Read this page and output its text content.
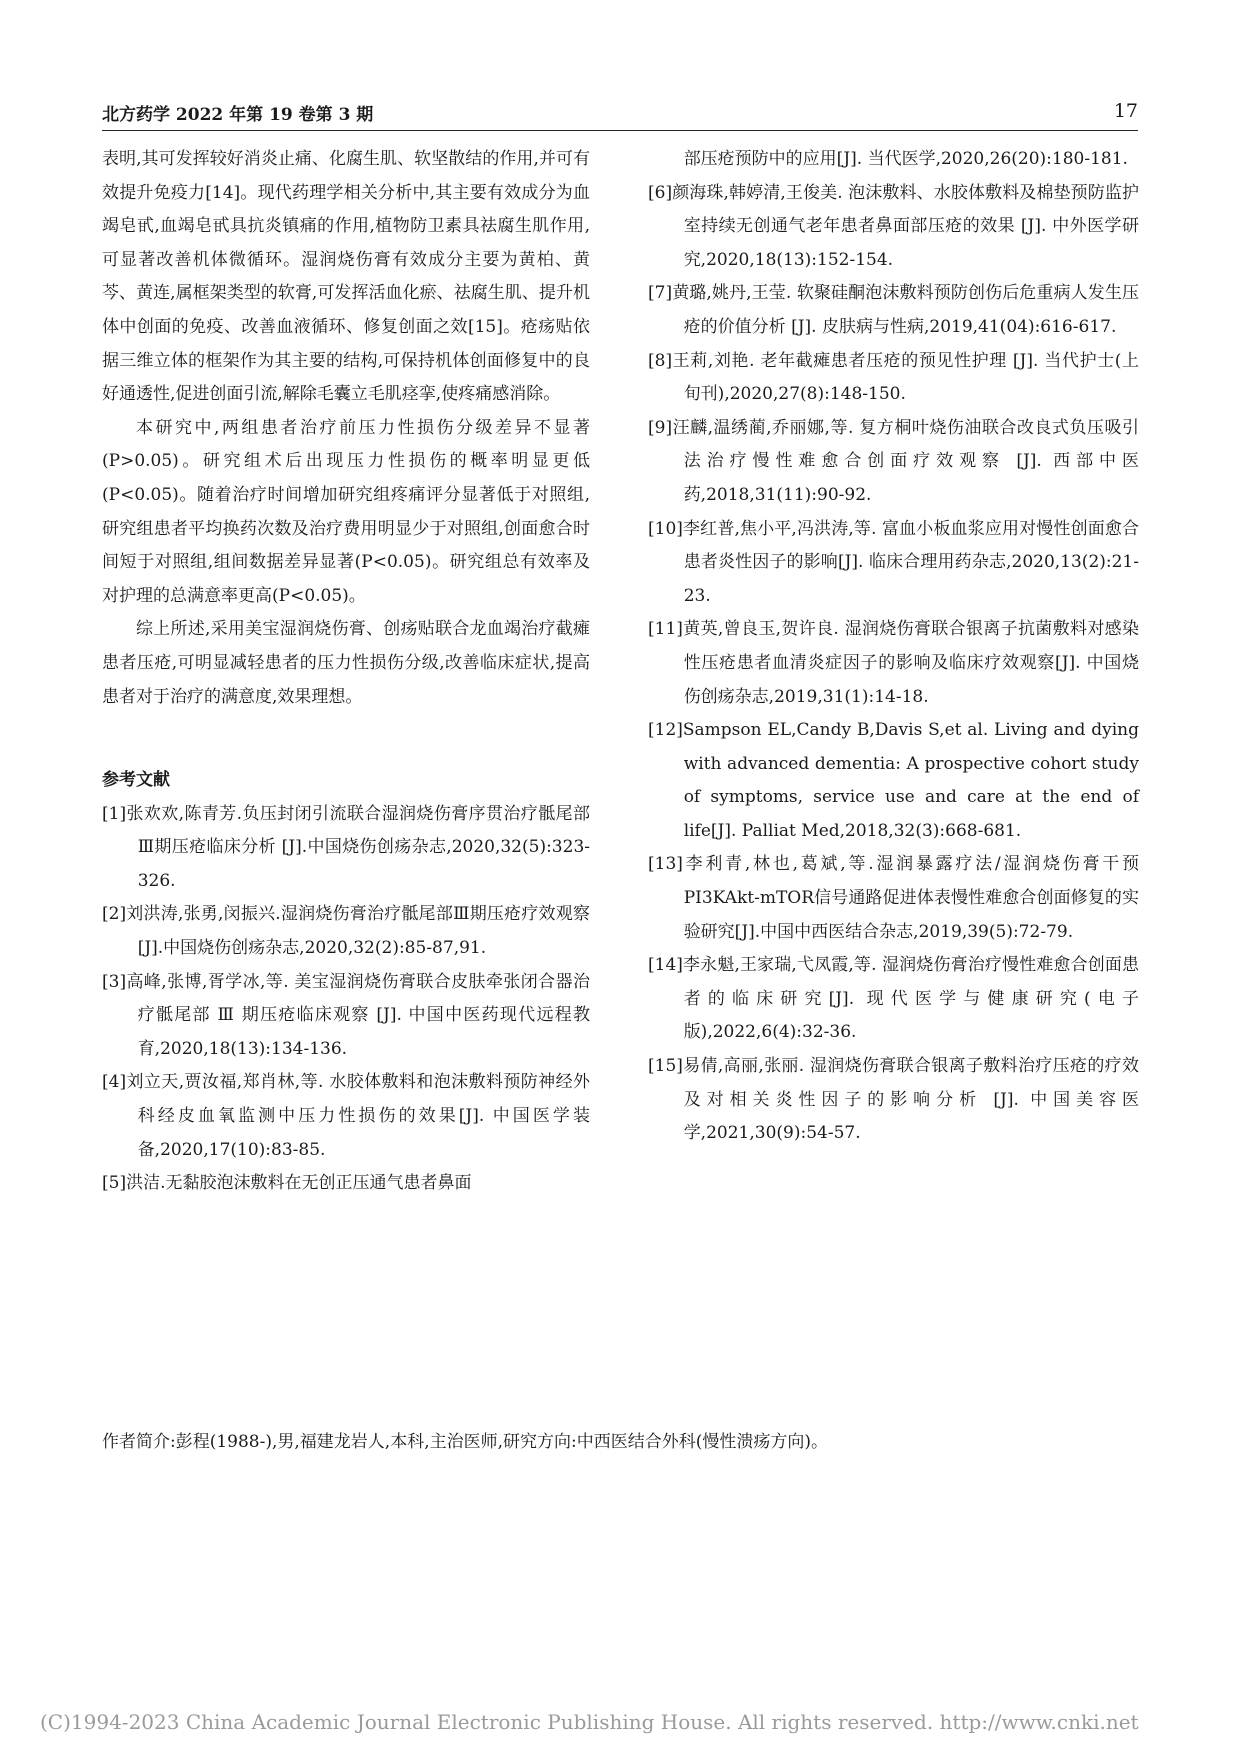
北方药学 2022 年第 19 卷第 3 期	17

表明,其可发挥较好消炎止痛、化腐生肌、软坚散结的作用,并可有效提升免疫力[14]。现代药理学相关分析中,其主要有效成分为血竭皂甙,血竭皂甙具抗炎镇痛的作用,植物防卫素具祛腐生肌作用,可显著改善机体微循环。湿润烧伤膏有效成分主要为黄柏、黄芩、黄连,属框架类型的软膏,可发挥活血化瘀、祛腐生肌、提升机体中创面的免疫、改善血液循环、修复创面之效[15]。疮疡贴依据三维立体的框架作为其主要的结构,可保持机体创面修复中的良好通透性,促进创面引流,解除毛囊立毛肌痉挛,使疼痛感消除。

本研究中,两组患者治疗前压力性损伤分级差异不显著(P>0.05)。研究组术后出现压力性损伤的概率明显更低(P<0.05)。随着治疗时间增加研究组疼痛评分显著低于对照组,研究组患者平均换药次数及治疗费用明显少于对照组,创面愈合时间短于对照组,组间数据差异显著(P<0.05)。研究组总有效率及对护理的总满意率更高(P<0.05)。

综上所述,采用美宝湿润烧伤膏、创疡贴联合龙血竭治疗截瘫患者压疮,可明显减轻患者的压力性损伤分级,改善临床症状,提高患者对于治疗的满意度,效果理想。

参考文献

[1]张欢欢,陈青芳.负压封闭引流联合湿润烧伤膏序贯治疗骶尾部Ⅲ期压疮临床分析 [J].中国烧伤创疡杂志,2020,32(5):323-326.

[2]刘洪涛,张勇,闵振兴.湿润烧伤膏治疗骶尾部Ⅲ期压疮疗效观察 [J].中国烧伤创疡杂志,2020,32(2):85-87,91.

[3]高峰,张博,胥学冰,等. 美宝湿润烧伤膏联合皮肤牵张闭合器治疗骶尾部 Ⅲ 期压疮临床观察 [J]. 中国中医药现代远程教育,2020,18(13):134-136.

[4]刘立天,贾汝福,郑肖林,等. 水胶体敷料和泡沫敷料预防神经外科经皮血氧监测中压力性损伤的效果[J]. 中国医学装备,2020,17(10):83-85.

[5]洪洁.无黏胶泡沫敷料在无创正压通气患者鼻面

部压疮预防中的应用[J]. 当代医学,2020,26(20):180-181.

[6]颜海珠,韩婷清,王俊美. 泡沫敷料、水胶体敷料及棉垫预防监护室持续无创通气老年患者鼻面部压疮的效果 [J]. 中外医学研究,2020,18(13):152-154.

[7]黄璐,姚丹,王莹. 软聚硅酮泡沫敷料预防创伤后危重病人发生压疮的价值分析 [J]. 皮肤病与性病,2019,41(04):616-617.

[8]王莉,刘艳. 老年截瘫患者压疮的预见性护理 [J]. 当代护士(上旬刊),2020,27(8):148-150.

[9]汪麟,温绣蔺,乔丽娜,等. 复方桐叶烧伤油联合改良式负压吸引法治疗慢性难愈合创面疗效观察 [J]. 西部中医药,2018,31(11):90-92.

[10]李红普,焦小平,冯洪涛,等. 富血小板血浆应用对慢性创面愈合患者炎性因子的影响[J]. 临床合理用药杂志,2020,13(2):21-23.

[11]黄英,曾良玉,贺许良. 湿润烧伤膏联合银离子抗菌敷料对感染性压疮患者血清炎症因子的影响及临床疗效观察[J]. 中国烧伤创疡杂志,2019,31(1):14-18.

[12]Sampson EL,Candy B,Davis S,et al. Living and dying with advanced dementia: A prospective cohort study of symptoms, service use and care at the end of life[J]. Palliat Med,2018,32(3):668-681.

[13]李利青,林也,葛斌,等.湿润暴露疗法/湿润烧伤膏干预PI3KAkt-mTOR信号通路促进体表慢性难愈合创面修复的实验研究[J].中国中西医结合杂志,2019,39(5):72-79.

[14]李永魁,王家瑞,弋凤霞,等. 湿润烧伤膏治疗慢性难愈合创面患者的临床研究[J]. 现代医学与健康研究(电子版),2022,6(4):32-36.

[15]易倩,高丽,张丽. 湿润烧伤膏联合银离子敷料治疗压疮的疗效及对相关炎性因子的影响分析 [J]. 中国美容医学,2021,30(9):54-57.

作者简介:彭程(1988-),男,福建龙岩人,本科,主治医师,研究方向:中西医结合外科(慢性溃疡方向)。
(C)1994-2023 China Academic Journal Electronic Publishing House. All rights reserved. http://www.cnki.net
